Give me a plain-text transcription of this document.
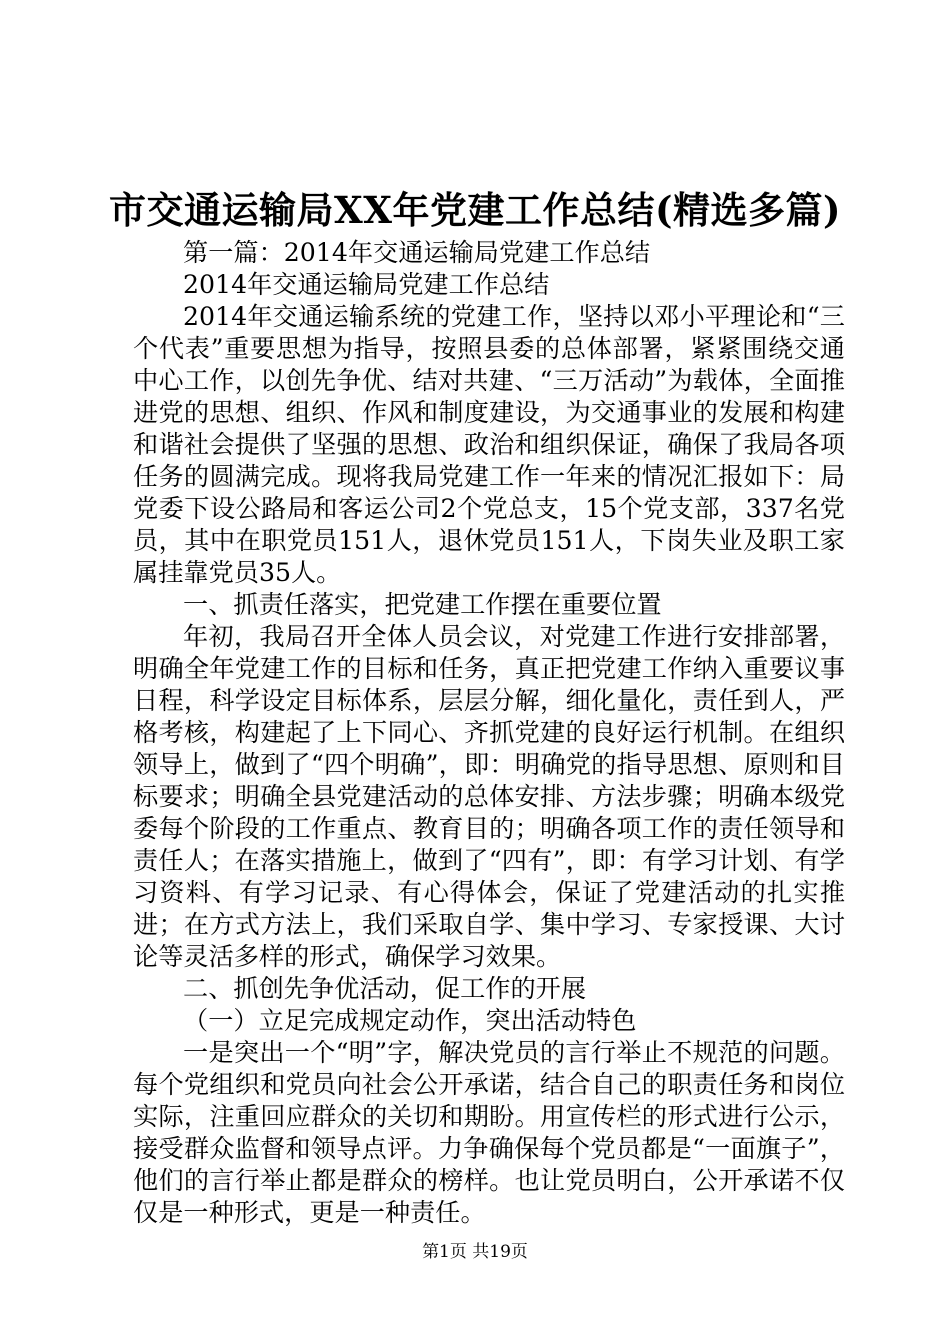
市交通运输局XX年党建工作总结(精选多篇)

第一篇：2014年交通运输局党建工作总结

2014年交通运输局党建工作总结

2014年交通运输系统的党建工作，坚持以邓小平理论和“三个代表”重要思想为指导，按照县委的总体部署，紧紧围绕交通中心工作，以创先争优、结对共建、“三万活动”为载体，全面推进党的思想、组织、作风和制度建设，为交通事业的发展和构建和谐社会提供了坚强的思想、政治和组织保证，确保了我局各项任务的圆满完成。现将我局党建工作一年来的情况汇报如下：局党委下设公路局和客运公司2个党总支，15个党支部，337名党员，其中在职党员151人，退休党员151人，下岗失业及职工家属挂靠党员35人。

一、抓责任落实，把党建工作摆在重要位置

年初，我局召开全体人员会议，对党建工作进行安排部署，明确全年党建工作的目标和任务，真正把党建工作纳入重要议事日程，科学设定目标体系，层层分解，细化量化，责任到人，严格考核，构建起了上下同心、齐抓党建的良好运行机制。在组织领导上，做到了“四个明确”，即：明确党的指导思想、原则和目标要求；明确全县党建活动的总体安排、方法步骤；明确本级党委每个阶段的工作重点、教育目的；明确各项工作的责任领导和责任人；在落实措施上，做到了“四有”，即：有学习计划、有学习资料、有学习记录、有心得体会，保证了党建活动的扎实推进；在方式方法上，我们采取自学、集中学习、专家授课、大讨论等灵活多样的形式，确保学习效果。

二、抓创先争优活动，促工作的开展

（一）立足完成规定动作，突出活动特色

一是突出一个“明”字，解决党员的言行举止不规范的问题。每个党组织和党员向社会公开承诺，结合自己的职责任务和岗位实际，注重回应群众的关切和期盼。用宣传栏的形式进行公示，接受群众监督和领导点评。力争确保每个党员都是“一面旗子”，他们的言行举止都是群众的榜样。也让党员明白，公开承诺不仅仅是一种形式，更是一种责任。

第1页 共19页
